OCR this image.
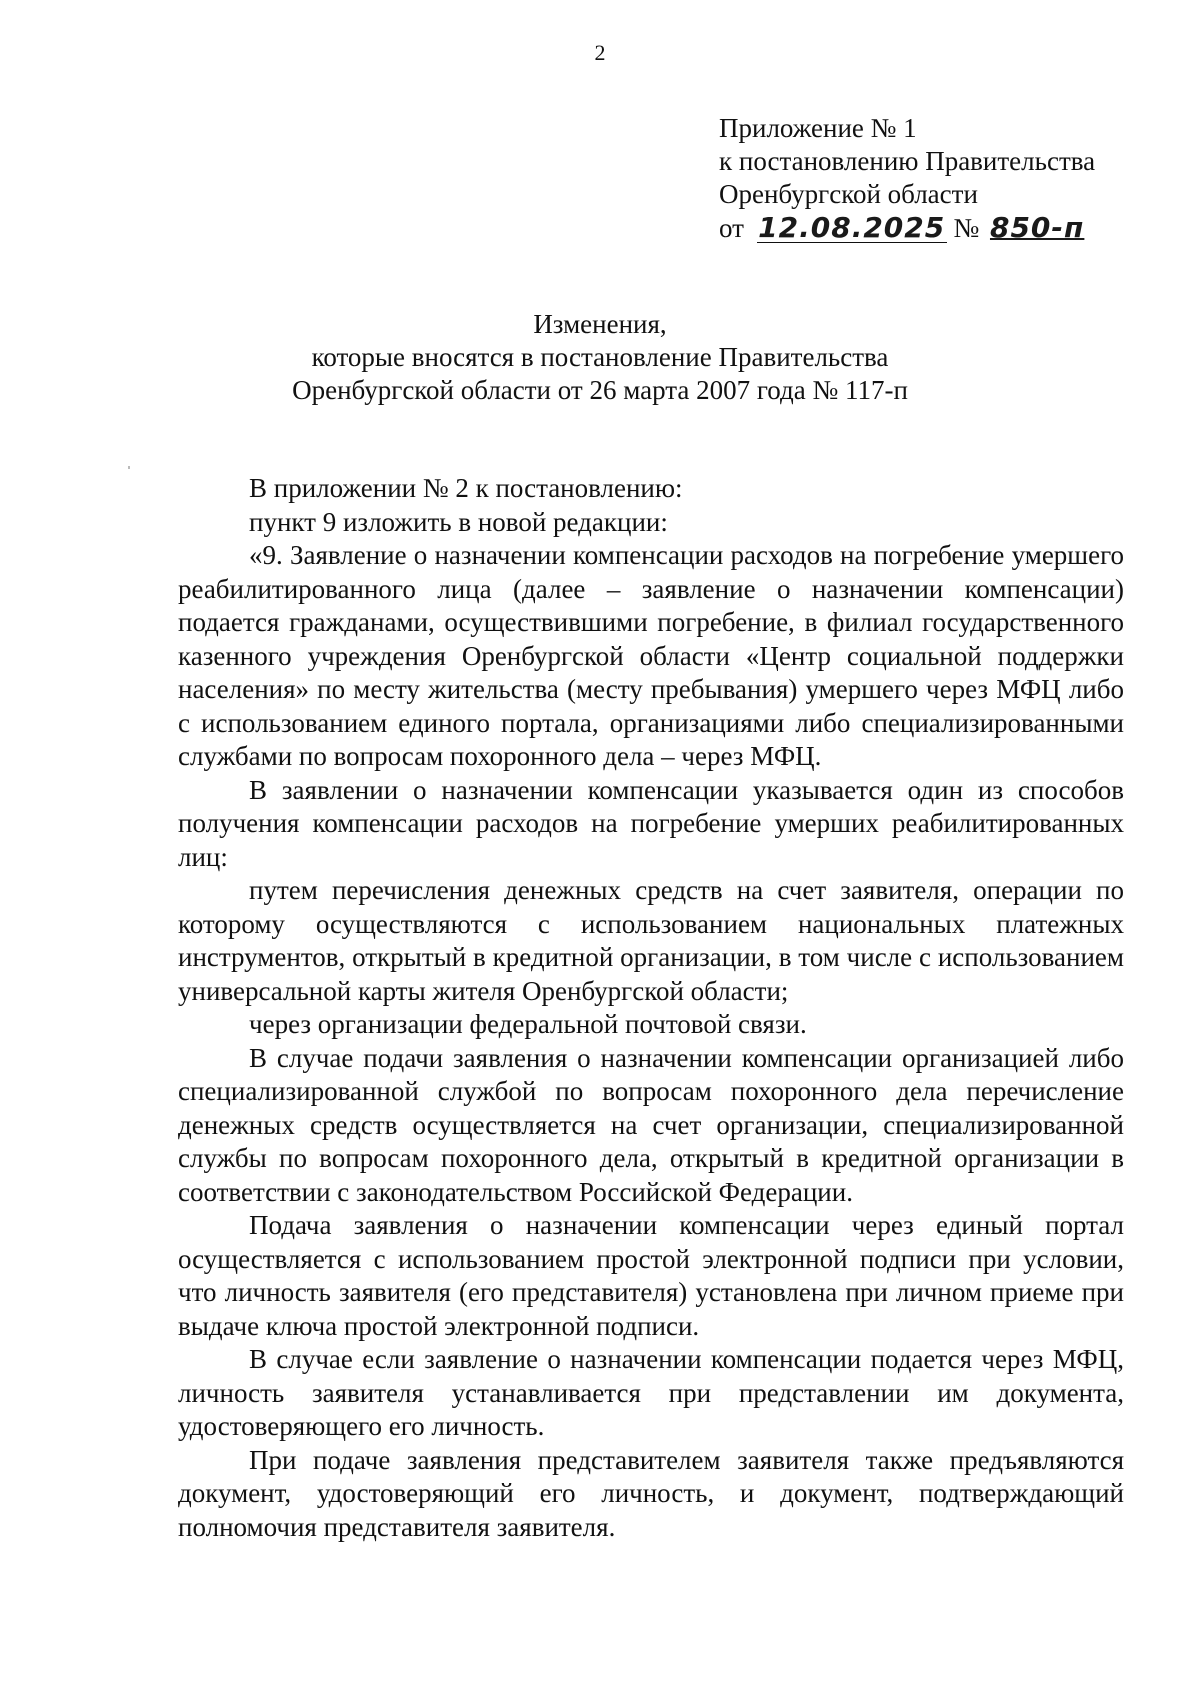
2
Приложение № 1
к постановлению Правительства
Оренбургской области
от 12.08.2025 № 850-п
Изменения,
которые вносятся в постановление Правительства
Оренбургской области от 26 марта 2007 года № 117-п

В приложении № 2 к постановлению:

пункт 9 изложить в новой редакции:

«9. Заявление о назначении компенсации расходов на погребение умершего реабилитированного лица (далее – заявление о назначении компенсации) подается гражданами, осуществившими погребение, в филиал государственного казенного учреждения Оренбургской области «Центр социальной поддержки населения» по месту жительства (месту пребывания) умершего через МФЦ либо с использованием единого портала, организациями либо специализированными службами по вопросам похоронного дела – через МФЦ.

В заявлении о назначении компенсации указывается один из способов получения компенсации расходов на погребение умерших реабилитированных лиц:

путем перечисления денежных средств на счет заявителя, операции по которому осуществляются с использованием национальных платежных инструментов, открытый в кредитной организации, в том числе с использованием универсальной карты жителя Оренбургской области;

через организации федеральной почтовой связи.

В случае подачи заявления о назначении компенсации организацией либо специализированной службой по вопросам похоронного дела перечисление денежных средств осуществляется на счет организации, специализированной службы по вопросам похоронного дела, открытый в кредитной организации в соответствии с законодательством Российской Федерации.

Подача заявления о назначении компенсации через единый портал осуществляется с использованием простой электронной подписи при условии, что личность заявителя (его представителя) установлена при личном приеме при выдаче ключа простой электронной подписи.

В случае если заявление о назначении компенсации подается через МФЦ, личность заявителя устанавливается при представлении им документа, удостоверяющего его личность.

При подаче заявления представителем заявителя также предъявляются документ, удостоверяющий его личность, и документ, подтверждающий полномочия представителя заявителя.
